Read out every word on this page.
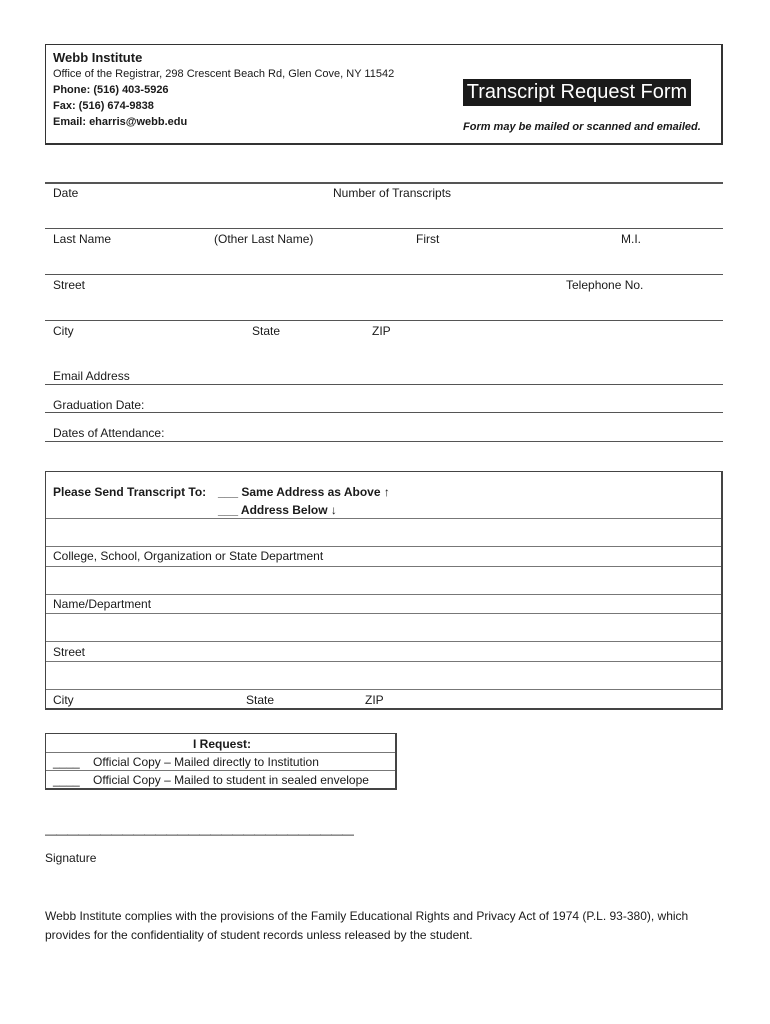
Webb Institute
Office of the Registrar, 298 Crescent Beach Rd, Glen Cove, NY 11542
Phone: (516) 403-5926
Fax: (516) 674-9838
Email: eharris@webb.edu
Transcript Request Form
Form may be mailed or scanned and emailed.
Date	Number of Transcripts
Last Name	(Other Last Name)	First	M.I.
Street	Telephone No.
City	State	ZIP
Email Address
Graduation Date:
Dates of Attendance:
Please Send Transcript To: ___ Same Address as Above ↑
___ Address Below ↓
College, School, Organization or State Department
Name/Department
Street
City	State	ZIP
I Request:
____ Official Copy – Mailed directly to Institution
____ Official Copy – Mailed to student in sealed envelope
————————————————————————————
Signature
Webb Institute complies with the provisions of the Family Educational Rights and Privacy Act of 1974 (P.L. 93-380), which provides for the confidentiality of student records unless released by the student.
